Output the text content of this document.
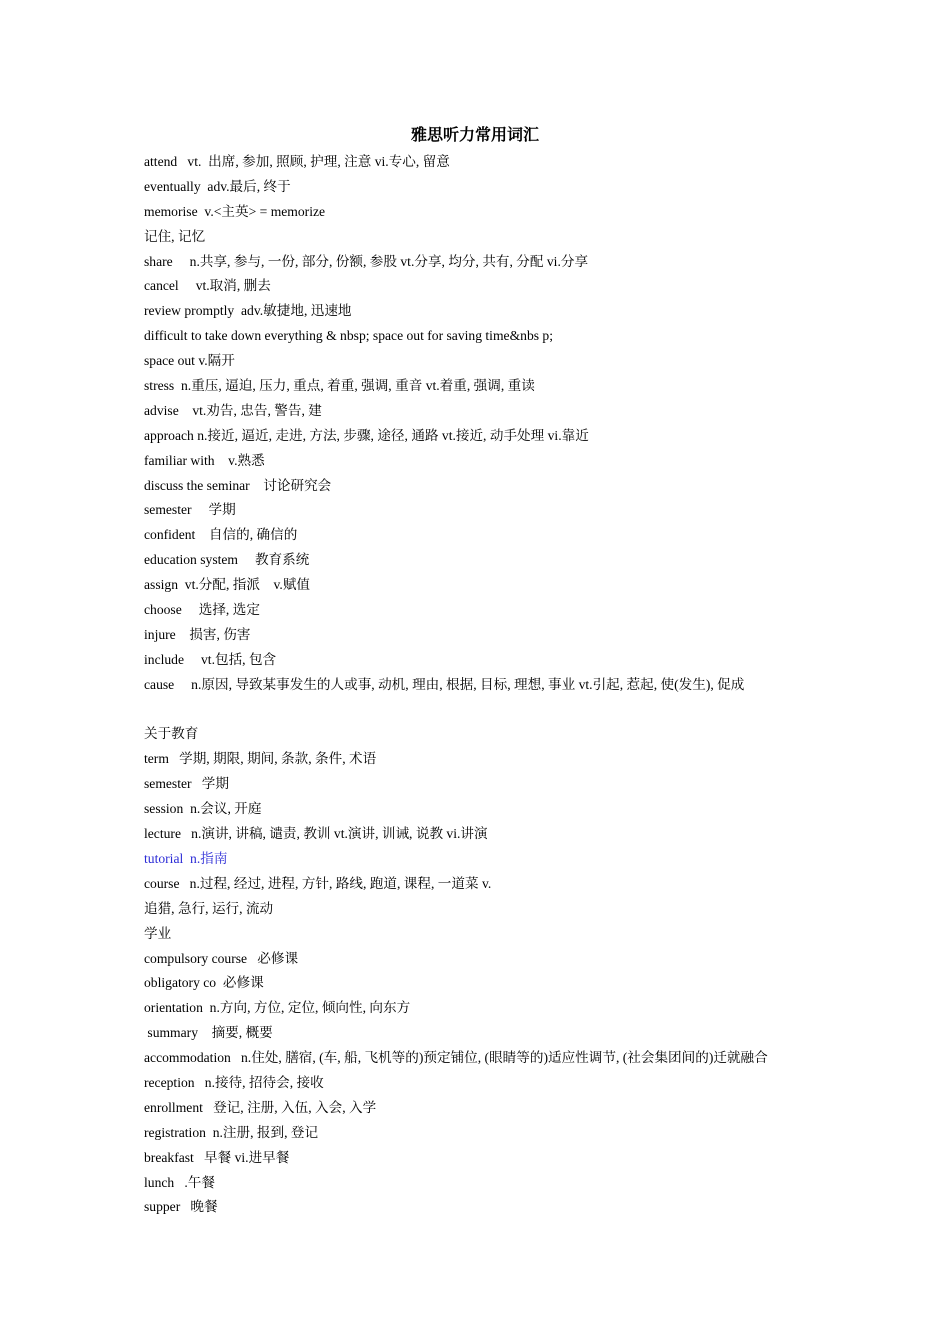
雅思听力常用词汇
attend   vt.  出席, 参加, 照顾, 护理, 注意 vi.专心, 留意
eventually  adv.最后, 终于
memorise  v.<主英> = memorize
记住, 记忆
share     n.共享, 参与, 一份, 部分, 份额, 参股 vt.分享, 均分, 共有, 分配 vi.分享
cancel     vt.取消, 删去
review promptly  adv.敏捷地, 迅速地
difficult to take down everything & nbsp; space out for saving time&nbs p;
space out v.隔开
stress  n.重压, 逼迫, 压力, 重点, 着重, 强调, 重音 vt.着重, 强调, 重读
advise    vt.劝告, 忠告, 警告, 建
approach n.接近, 逼近, 走进, 方法, 步骤, 途径, 通路 vt.接近, 动手处理 vi.靠近
familiar with    v.熟悉
discuss the seminar    讨论研究会
semester     学期
confident    自信的, 确信的
education system     教育系统
assign  vt.分配, 指派    v.赋值
choose     选择, 选定
injure    损害, 伤害
include     vt.包括, 包含
cause     n.原因, 导致某事发生的人或事, 动机, 理由, 根据, 目标, 理想, 事业 vt.引起, 惹起, 使(发生), 促成
关于教育
term   学期, 期限, 期间, 条款, 条件, 术语
semester   学期
session  n.会议, 开庭
lecture   n.演讲, 讲稿, 谴责, 教训 vt.演讲, 训诫, 说教 vi.讲演
tutorial  n.指南
course   n.过程, 经过, 进程, 方针, 路线, 跑道, 课程, 一道菜 v.
追猎, 急行, 运行, 流动
学业
compulsory course   必修课
obligatory co  必修课
orientation  n.方向, 方位, 定位, 倾向性, 向东方
summary    摘要, 概要
accommodation   n.住处, 膳宿, (车, 船, 飞机等的)预定铺位, (眼睛等的)适应性调节, (社会集团间的)迁就融合
reception   n.接待, 招待会, 接收
enrollment   登记, 注册, 入伍, 入会, 入学
registration  n.注册, 报到, 登记
breakfast   早餐 vi.进早餐
lunch   .午餐
supper   晚餐
